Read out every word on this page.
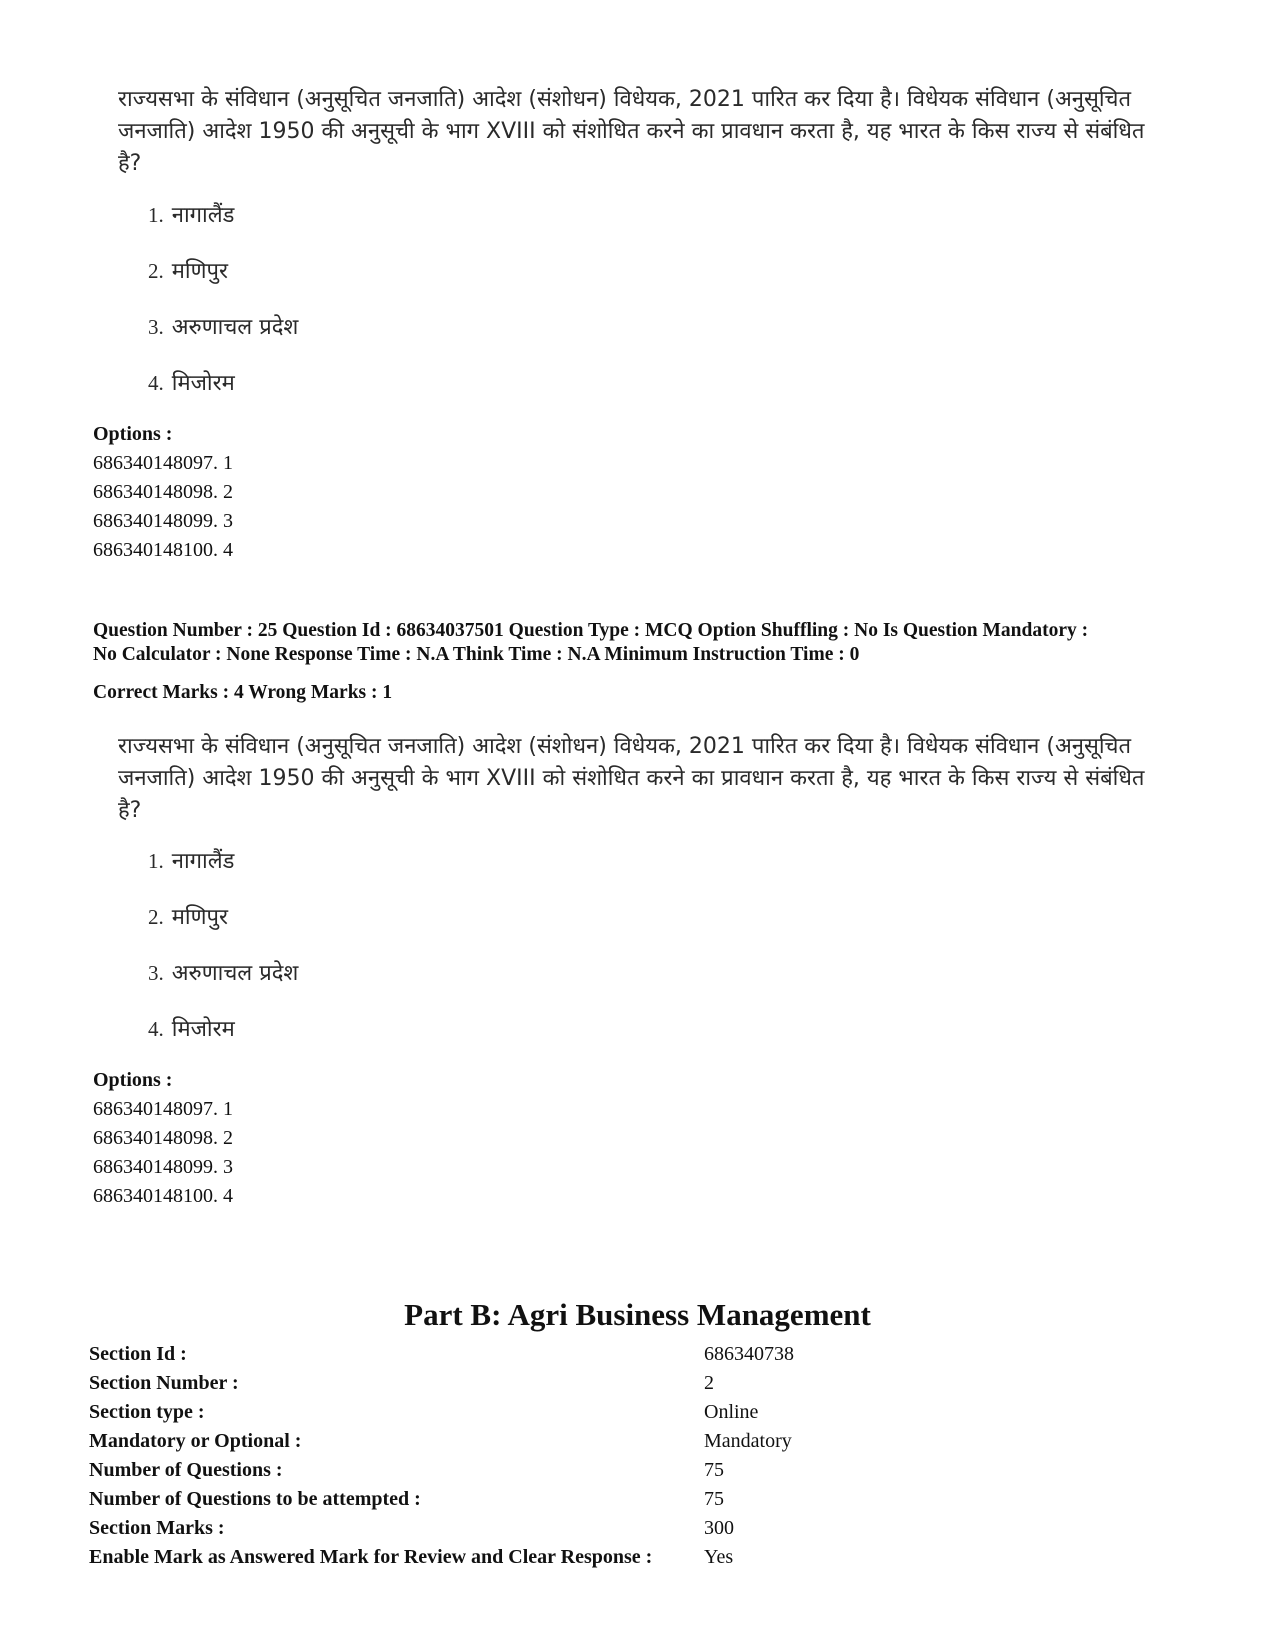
राज्यसभा के संविधान (अनुसूचित जनजाति) आदेश (संशोधन) विधेयक, 2021 पारित कर दिया है। विधेयक संविधान (अनुसूचित जनजाति) आदेश 1950 की अनुसूची के भाग XVIII को संशोधित करने का प्रावधान करता है, यह भारत के किस राज्य से संबंधित है?

1. नागालैंड
2. मणिपुर
3. अरुणाचल प्रदेश
4. मिजोरम
Options :
686340148097. 1
686340148098. 2
686340148099. 3
686340148100. 4
Question Number : 25 Question Id : 68634037501 Question Type : MCQ Option Shuffling : No Is Question Mandatory :
No Calculator : None Response Time : N.A Think Time : N.A Minimum Instruction Time : 0
Correct Marks : 4 Wrong Marks : 1

राज्यसभा के संविधान (अनुसूचित जनजाति) आदेश (संशोधन) विधेयक, 2021 पारित कर दिया है। विधेयक संविधान (अनुसूचित जनजाति) आदेश 1950 की अनुसूची के भाग XVIII को संशोधित करने का प्रावधान करता है, यह भारत के किस राज्य से संबंधित है?

1. नागालैंड
2. मणिपुर
3. अरुणाचल प्रदेश
4. मिजोरम
Options :
686340148097. 1
686340148098. 2
686340148099. 3
686340148100. 4
Part B: Agri Business Management
Section Id :	686340738
Section Number :	2
Section type :	Online
Mandatory or Optional :	Mandatory
Number of Questions :	75
Number of Questions to be attempted :	75
Section Marks :	300
Enable Mark as Answered Mark for Review and Clear Response :	Yes
